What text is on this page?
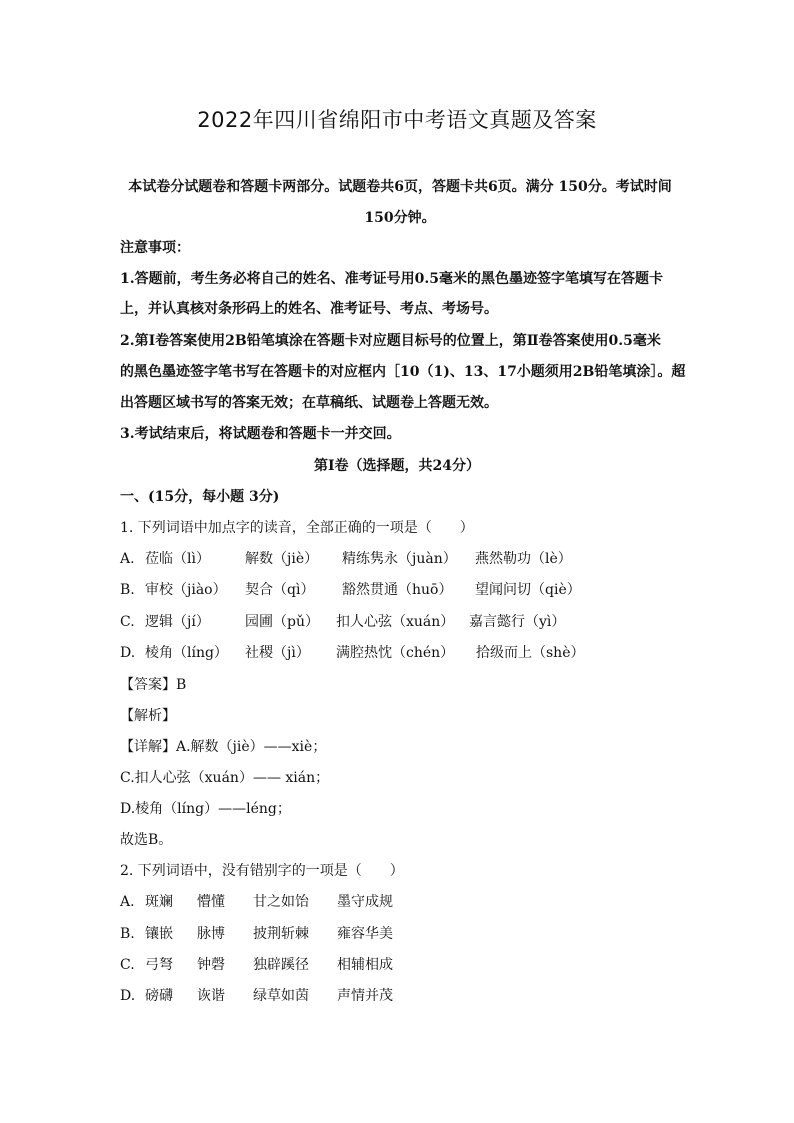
2022年四川省绵阳市中考语文真题及答案
本试卷分试题卷和答题卡两部分。试题卷共6页，答题卡共6页。满分 150分。考试时间
150分钟。
注意事项：
1.答题前，考生务必将自己的姓名、准考证号用0.5毫米的黑色墨迹签字笔填写在答题卡
上，并认真核对条形码上的姓名、准考证号、考点、考场号。
2.第Ⅰ卷答案使用2B铅笔填涂在答题卡对应题目标号的位置上，第Ⅱ卷答案使用0.5毫米
的黑色墨迹签字笔书写在答题卡的对应框内［10（1)、13、17小题须用2B铅笔填涂］。超
出答题区域书写的答案无效；在草稿纸、试题卷上答题无效。
3.考试结束后，将试题卷和答题卡一并交回。
第Ⅰ卷（选择题，共24分）
一、(15分，每小题 3分)
1. 下列词语中加点字的读音，全部正确的一项是（　　）
A. 莅临（lì）	解数（jiè） 精练隽永（juàn） 燕然勒功（lè）
B. 审校（jiào） 契合（qì） 豁然贯通（huō） 望闻问切（qiè）
C. 逻辑（jí）	园圃（pǔ） 扣人心弦（xuán） 嘉言懿行（yì）
D. 棱角（líng） 社稷（jì） 满腔热忱（chén） 拾级而上（shè）
【答案】B
【解析】
【详解】A.解数（jiè）——xiè；
C.扣人心弦（xuán）—— xián；
D.棱角（líng）——léng；
故选B。
2. 下列词语中，没有错别字的一项是（　　）
A. 斑斓 懵懂 甘之如饴 墨守成规
B. 镶嵌 脉博 披荆斩棘 雍容华美
C. 弓弩 钟磬 独辟蹊径 相辅相成
D. 磅礴 诙谐 绿草如茵 声情并茂
